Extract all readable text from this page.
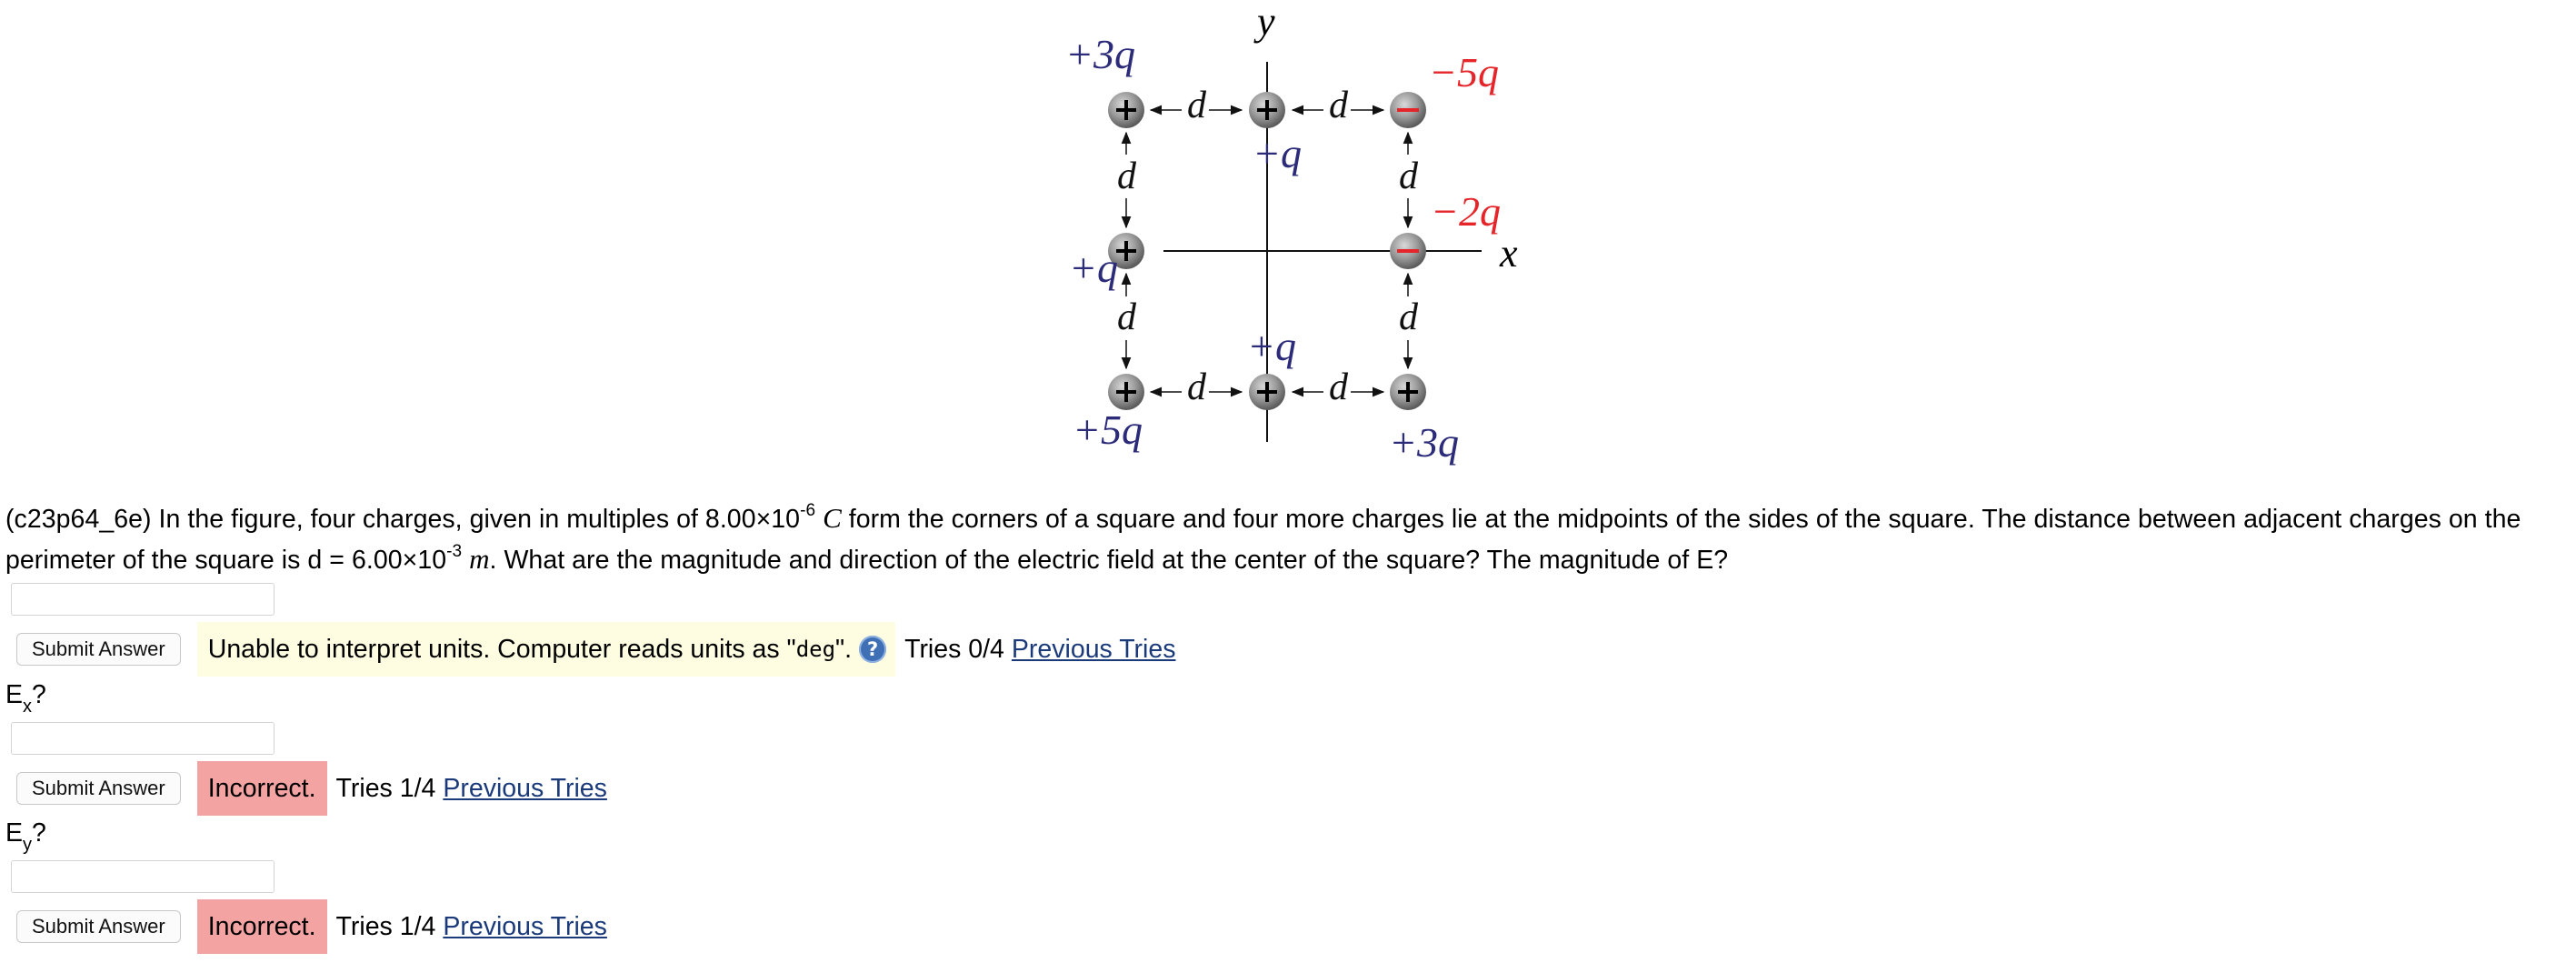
x
y
d	d
d	d
d
d
d
d
+3q
+q
−5q
+q
−2q
+5q
+q
+3q
(c23p64_6e) In the figure, four charges, given in multiples of $8.00\times 10^{-6}$ C form the corners of a square and four more charges lie at the midpoints of the sides of the square. The distance between adjacent charges on the perimeter of the square is $d = 6.00\times 10^{-3}$ m. What are the magnitude and direction of the electric field at the center of the square? The magnitude of E?
Submit Answer	Unable to interpret units. Computer reads units as " deg ". ?	Tries 0/4 Previous Tries
$E_x$?
Submit Answer	Incorrect. Tries 1/4 Previous Tries
$E_y$?
Submit Answer	Incorrect. Tries 1/4 Previous Tries
